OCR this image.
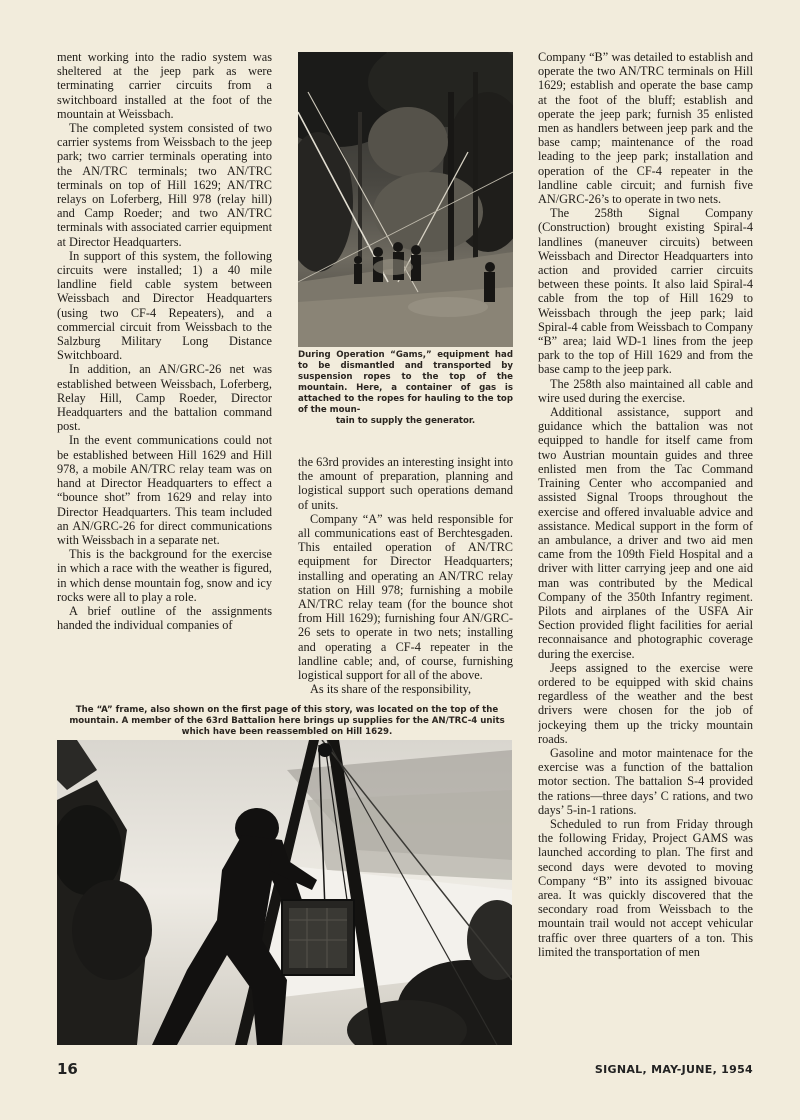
ment working into the radio system was sheltered at the jeep park as were terminating carrier circuits from a switchboard installed at the foot of the mountain at Weissbach.

The completed system consisted of two carrier systems from Weissbach to the jeep park; two carrier terminals operating into the AN/TRC terminals; two AN/TRC terminals on top of Hill 1629; AN/TRC relays on Loferberg, Hill 978 (relay hill) and Camp Roeder; and two AN/TRC terminals with associated carrier equipment at Director Headquarters.

In support of this system, the following circuits were installed; 1) a 40 mile landline field cable system between Weissbach and Director Headquarters (using two CF-4 Repeaters), and a commercial circuit from Weissbach to the Salzburg Military Long Distance Switchboard.

In addition, an AN/GRC-26 net was established between Weissbach, Loferberg, Relay Hill, Camp Roeder, Director Headquarters and the battalion command post.

In the event communications could not be established between Hill 1629 and Hill 978, a mobile AN/TRC relay team was on hand at Director Headquarters to effect a “bounce shot” from 1629 and relay into Director Headquarters. This team included an AN/GRC-26 for direct communications with Weissbach in a separate net.

This is the background for the exercise in which a race with the weather is figured, in which dense mountain fog, snow and icy rocks were all to play a role.

A brief outline of the assignments handed the individual companies of

During Operation “Gams,” equipment had to be dismantled and transported by suspension ropes to the top of the mountain. Here, a container of gas is attached to the ropes for hauling to the top of the moun-
tain to supply the generator.

the 63rd provides an interesting insight into the amount of preparation, planning and logistical support such operations demand of units.

Company “A” was held responsible for all communications east of Berchtesgaden. This entailed operation of AN/TRC equipment for Director Headquarters; installing and operating an AN/TRC relay station on Hill 978; furnishing a mobile AN/TRC relay team (for the bounce shot from Hill 1629); furnishing four AN/GRC-26 sets to operate in two nets; installing and operating a CF-4 repeater in the landline cable; and, of course, furnishing logistical support for all of the above.

As its share of the responsibility,

Company “B” was detailed to establish and operate the two AN/TRC terminals on Hill 1629; establish and operate the base camp at the foot of the bluff; establish and operate the jeep park; furnish 35 enlisted men as handlers between jeep park and the base camp; maintenance of the road leading to the jeep park; installation and operation of the CF-4 repeater in the landline cable circuit; and furnish five AN/GRC-26’s to operate in two nets.

The 258th Signal Company (Construction) brought existing Spiral-4 landlines (maneuver circuits) between Weissbach and Director Headquarters into action and provided carrier circuits between these points. It also laid Spiral-4 cable from the top of Hill 1629 to Weissbach through the jeep park; laid Spiral-4 cable from Weissbach to Company “B” area; laid WD-1 lines from the jeep park to the top of Hill 1629 and from the base camp to the jeep park.

The 258th also maintained all cable and wire used during the exercise.

Additional assistance, support and guidance which the battalion was not equipped to handle for itself came from two Austrian mountain guides and three enlisted men from the Tac Command Training Center who accompanied and assisted Signal Troops throughout the exercise and offered invaluable advice and assistance. Medical support in the form of an ambulance, a driver and two aid men came from the 109th Field Hospital and a driver with litter carrying jeep and one aid man was contributed by the Medical Company of the 350th Infantry regiment. Pilots and airplanes of the USFA Air Section provided flight facilities for aerial reconnaisance and photographic coverage during the exercise.

Jeeps assigned to the exercise were ordered to be equipped with skid chains regardless of the weather and the best drivers were chosen for the job of jockeying them up the tricky mountain roads.

Gasoline and motor maintenace for the exercise was a function of the battalion motor section. The battalion S-4 provided the rations—three days’ C rations, and two days’ 5-in-1 rations.

Scheduled to run from Friday through the following Friday, Project GAMS was launched according to plan. The first and second days were devoted to moving Company “B” into its assigned bivouac area. It was quickly discovered that the secondary road from Weissbach to the mountain trail would not accept vehicular traffic over three quarters of a ton. This limited the transportation of men

The “A” frame, also shown on the first page of this story, was located on the top of the mountain. A member of the 63rd Battalion here brings up supplies for the AN/TRC-4 units which have been reassembled on Hill 1629.
16	SIGNAL, MAY-JUNE, 1954
